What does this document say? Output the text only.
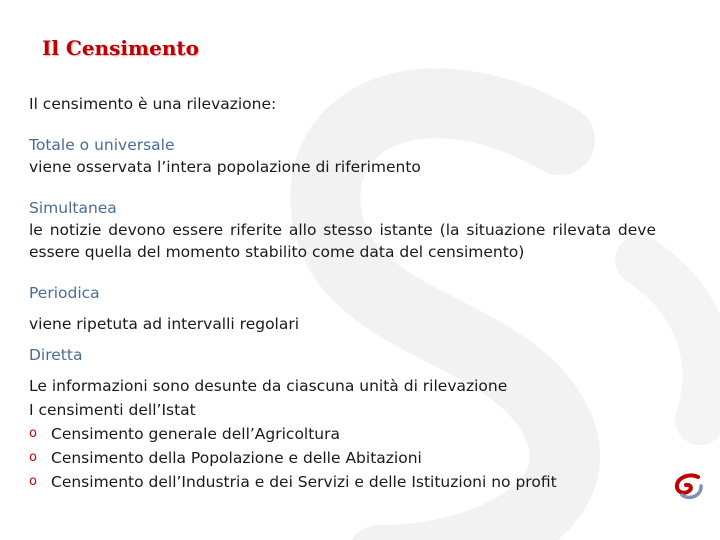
Il Censimento
Il censimento è una rilevazione:
Totale o universale
viene osservata l’intera popolazione di riferimento
Simultanea
le notizie devono essere riferite allo stesso istante (la situazione rilevata deve essere quella del momento stabilito come data del censimento)
Periodica
viene ripetuta ad intervalli regolari
Diretta
Le informazioni sono desunte da ciascuna unità di rilevazione
I censimenti dell’Istat
o Censimento generale dell’Agricoltura
o Censimento della Popolazione e delle Abitazioni
o Censimento dell’Industria e dei Servizi e delle Istituzioni no profit
